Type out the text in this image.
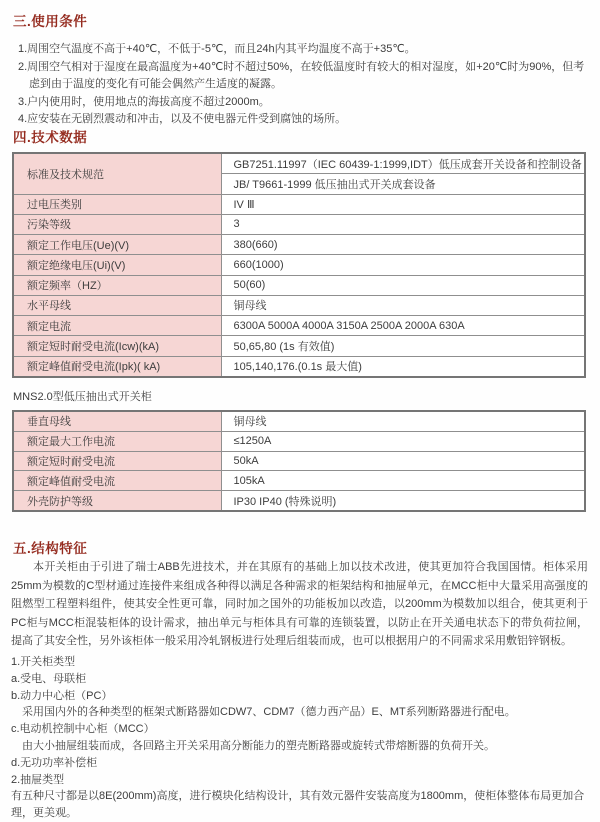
三.使用条件
1.周围空气温度不高于+40℃，不低于-5℃，而且24h内其平均温度不高于+35℃。
2.周围空气相对于湿度在最高温度为+40℃时不超过50%，在较低温度时有较大的相对湿度，如+20℃时为90%，但考虑到由于温度的变化有可能会偶然产生适度的凝露。
3.户内使用时，使用地点的海拔高度不超过2000m。
4.应安装在无剧烈震动和冲击，以及不使电器元件受到腐蚀的场所。
四.技术数据
标准及技术规范	GB7251.11997（IEC 60439-1:1999,IDT）低压成套开关设备和控制设备
	JB/ T9661-1999 低压抽出式开关成套设备
过电压类别	IV Ⅲ
污染等级	3
额定工作电压(Ue)(V)	380(660)
额定绝缘电压(Ui)(V)	660(1000)
额定频率（HZ）	50(60)
水平母线	铜母线
额定电流	6300A 5000A 4000A 3150A 2500A 2000A 630A
额定短时耐受电流(Icw)(kA)	50,65,80 (1s 有效值)
额定峰值耐受电流(Ipk)( kA)	105,140,176.(0.1s 最大值)
MNS2.0型低压抽出式开关柜
垂直母线	铜母线
额定最大工作电流	≤1250A
额定短时耐受电流	50kA
额定峰值耐受电流	105kA
外壳防护等级	IP30 IP40 (特殊说明)
五.结构特征
本开关柜由于引进了瑞士ABB先进技术，并在其原有的基础上加以技术改进，使其更加符合我国国情。柜体采用25mm为模数的C型材通过连接件来组成各种得以满足各种需求的柜架结构和抽屉单元，在MCC柜中大量采用高强度的阻燃型工程塑料组件，使其安全性更可靠，同时加之国外的功能板加以改造，以200mm为模数加以组合，使其更利于PC柜与MCC柜混装柜体的设计需求，抽出单元与柜体具有可靠的连锁装置，以防止在开关通电状态下的带负荷拉闸，提高了其安全性，另外该柜体一般采用冷轧钢板进行处理后组装而成，也可以根据用户的不同需求采用敷铝锌钢板。
1.开关柜类型
a.受电、母联柜
b.动力中心柜（PC）
采用国内外的各种类型的框架式断路器如CDW7、CDM7（德力西产品）E、MT系列断路器进行配电。
c.电动机控制中心柜（MCC）
由大小抽屉组装而成，各回路主开关采用高分断能力的塑壳断路器或旋转式带熔断器的负荷开关。
d.无功功率补偿柜
2.抽屉类型
有五种尺寸都是以8E(200mm)高度，进行模块化结构设计，其有效元器件安装高度为1800mm，使柜体整体布局更加合理，更美观。
